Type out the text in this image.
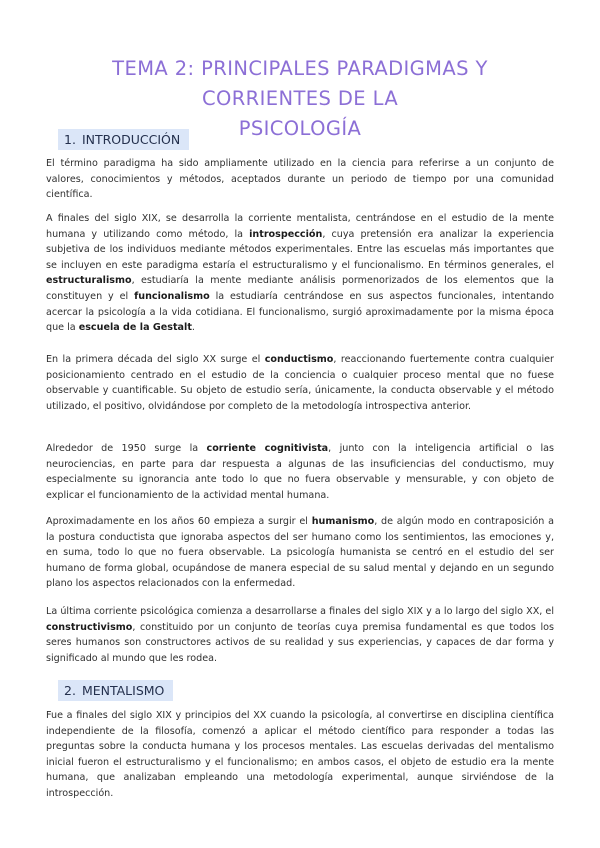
TEMA 2: PRINCIPALES PARADIGMAS Y CORRIENTES DE LA
PSICOLOGÍA
1. INTRODUCCIÓN

El término paradigma ha sido ampliamente utilizado en la ciencia para referirse a un conjunto de valores, conocimientos y métodos, aceptados durante un periodo de tiempo por una comunidad científica.

A finales del siglo XIX, se desarrolla la corriente mentalista, centrándose en el estudio de la mente humana y utilizando como método, la introspección, cuya pretensión era analizar la experiencia subjetiva de los individuos mediante métodos experimentales. Entre las escuelas más importantes que se incluyen en este paradigma estaría el estructuralismo y el funcionalismo. En términos generales, el estructuralismo, estudiaría la mente mediante análisis pormenorizados de los elementos que la constituyen y el funcionalismo la estudiaría centrándose en sus aspectos funcionales, intentando acercar la psicología a la vida cotidiana. El funcionalismo, surgió aproximadamente por la misma época que la escuela de la Gestalt.

En la primera década del siglo XX surge el conductismo, reaccionando fuertemente contra cualquier posicionamiento centrado en el estudio de la conciencia o cualquier proceso mental que no fuese observable y cuantificable. Su objeto de estudio sería, únicamente, la conducta observable y el método utilizado, el positivo, olvidándose por completo de la metodología introspectiva anterior.

Alrededor de 1950 surge la corriente cognitivista, junto con la inteligencia artificial o las neurociencias, en parte para dar respuesta a algunas de las insuficiencias del conductismo, muy especialmente su ignorancia ante todo lo que no fuera observable y mensurable, y con objeto de explicar el funcionamiento de la actividad mental humana.

Aproximadamente en los años 60 empieza a surgir el humanismo, de algún modo en contraposición a la postura conductista que ignoraba aspectos del ser humano como los sentimientos, las emociones y, en suma, todo lo que no fuera observable. La psicología humanista se centró en el estudio del ser humano de forma global, ocupándose de manera especial de su salud mental y dejando en un segundo plano los aspectos relacionados con la enfermedad.

La última corriente psicológica comienza a desarrollarse a finales del siglo XIX y a lo largo del siglo XX, el constructivismo, constituido por un conjunto de teorías cuya premisa fundamental es que todos los seres humanos son constructores activos de su realidad y sus experiencias, y capaces de dar forma y significado al mundo que les rodea.

2. MENTALISMO

Fue a finales del siglo XIX y principios del XX cuando la psicología, al convertirse en disciplina científica independiente de la filosofía, comenzó a aplicar el método científico para responder a todas las preguntas sobre la conducta humana y los procesos mentales. Las escuelas derivadas del mentalismo inicial fueron el estructuralismo y el funcionalismo; en ambos casos, el objeto de estudio era la mente humana, que analizaban empleando una metodología experimental, aunque sirviéndose de la introspección.
